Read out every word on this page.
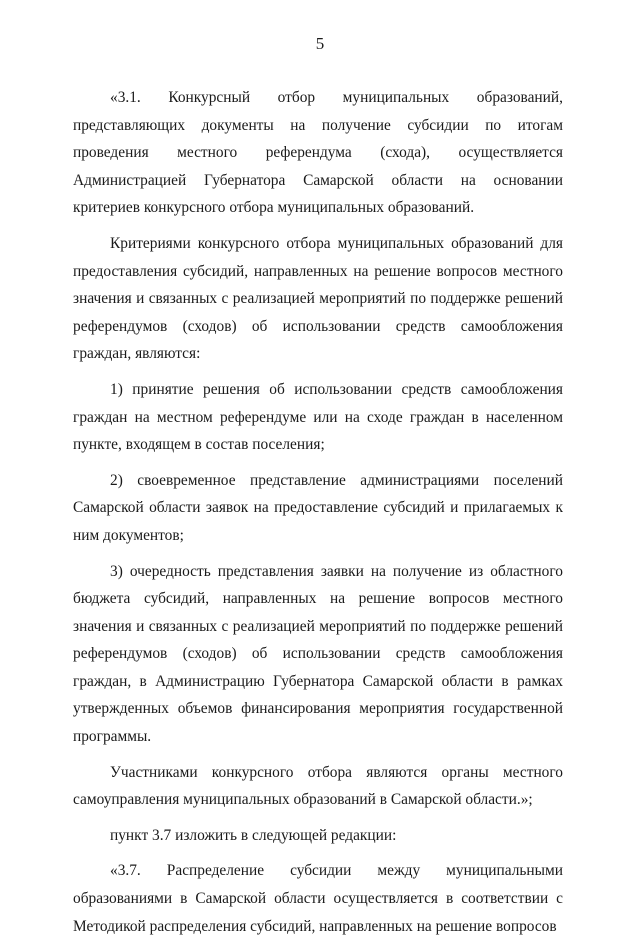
5

«3.1. Конкурсный отбор муниципальных образований, представляющих документы на получение субсидии по итогам проведения местного референдума (схода), осуществляется Администрацией Губернатора Самарской области на основании критериев конкурсного отбора муниципальных образований.

Критериями конкурсного отбора муниципальных образований для предоставления субсидий, направленных на решение вопросов местного значения и связанных с реализацией мероприятий по поддержке решений референдумов (сходов) об использовании средств самообложения граждан, являются:

1) принятие решения об использовании средств самообложения граждан на местном референдуме или на сходе граждан в населенном пункте, входящем в состав поселения;

2) своевременное представление администрациями поселений Самарской области заявок на предоставление субсидий и прилагаемых к ним документов;

3) очередность представления заявки на получение из областного бюджета субсидий, направленных на решение вопросов местного значения и связанных с реализацией мероприятий по поддержке решений референдумов (сходов) об использовании средств самообложения граждан, в Администрацию Губернатора Самарской области в рамках утвержденных объемов финансирования мероприятия государственной программы.

Участниками конкурсного отбора являются органы местного самоуправления муниципальных образований в Самарской области.»;

пункт 3.7 изложить в следующей редакции:

«3.7. Распределение субсидии между муниципальными образованиями в Самарской области осуществляется в соответствии с Методикой распределения субсидий, направленных на решение вопросов
